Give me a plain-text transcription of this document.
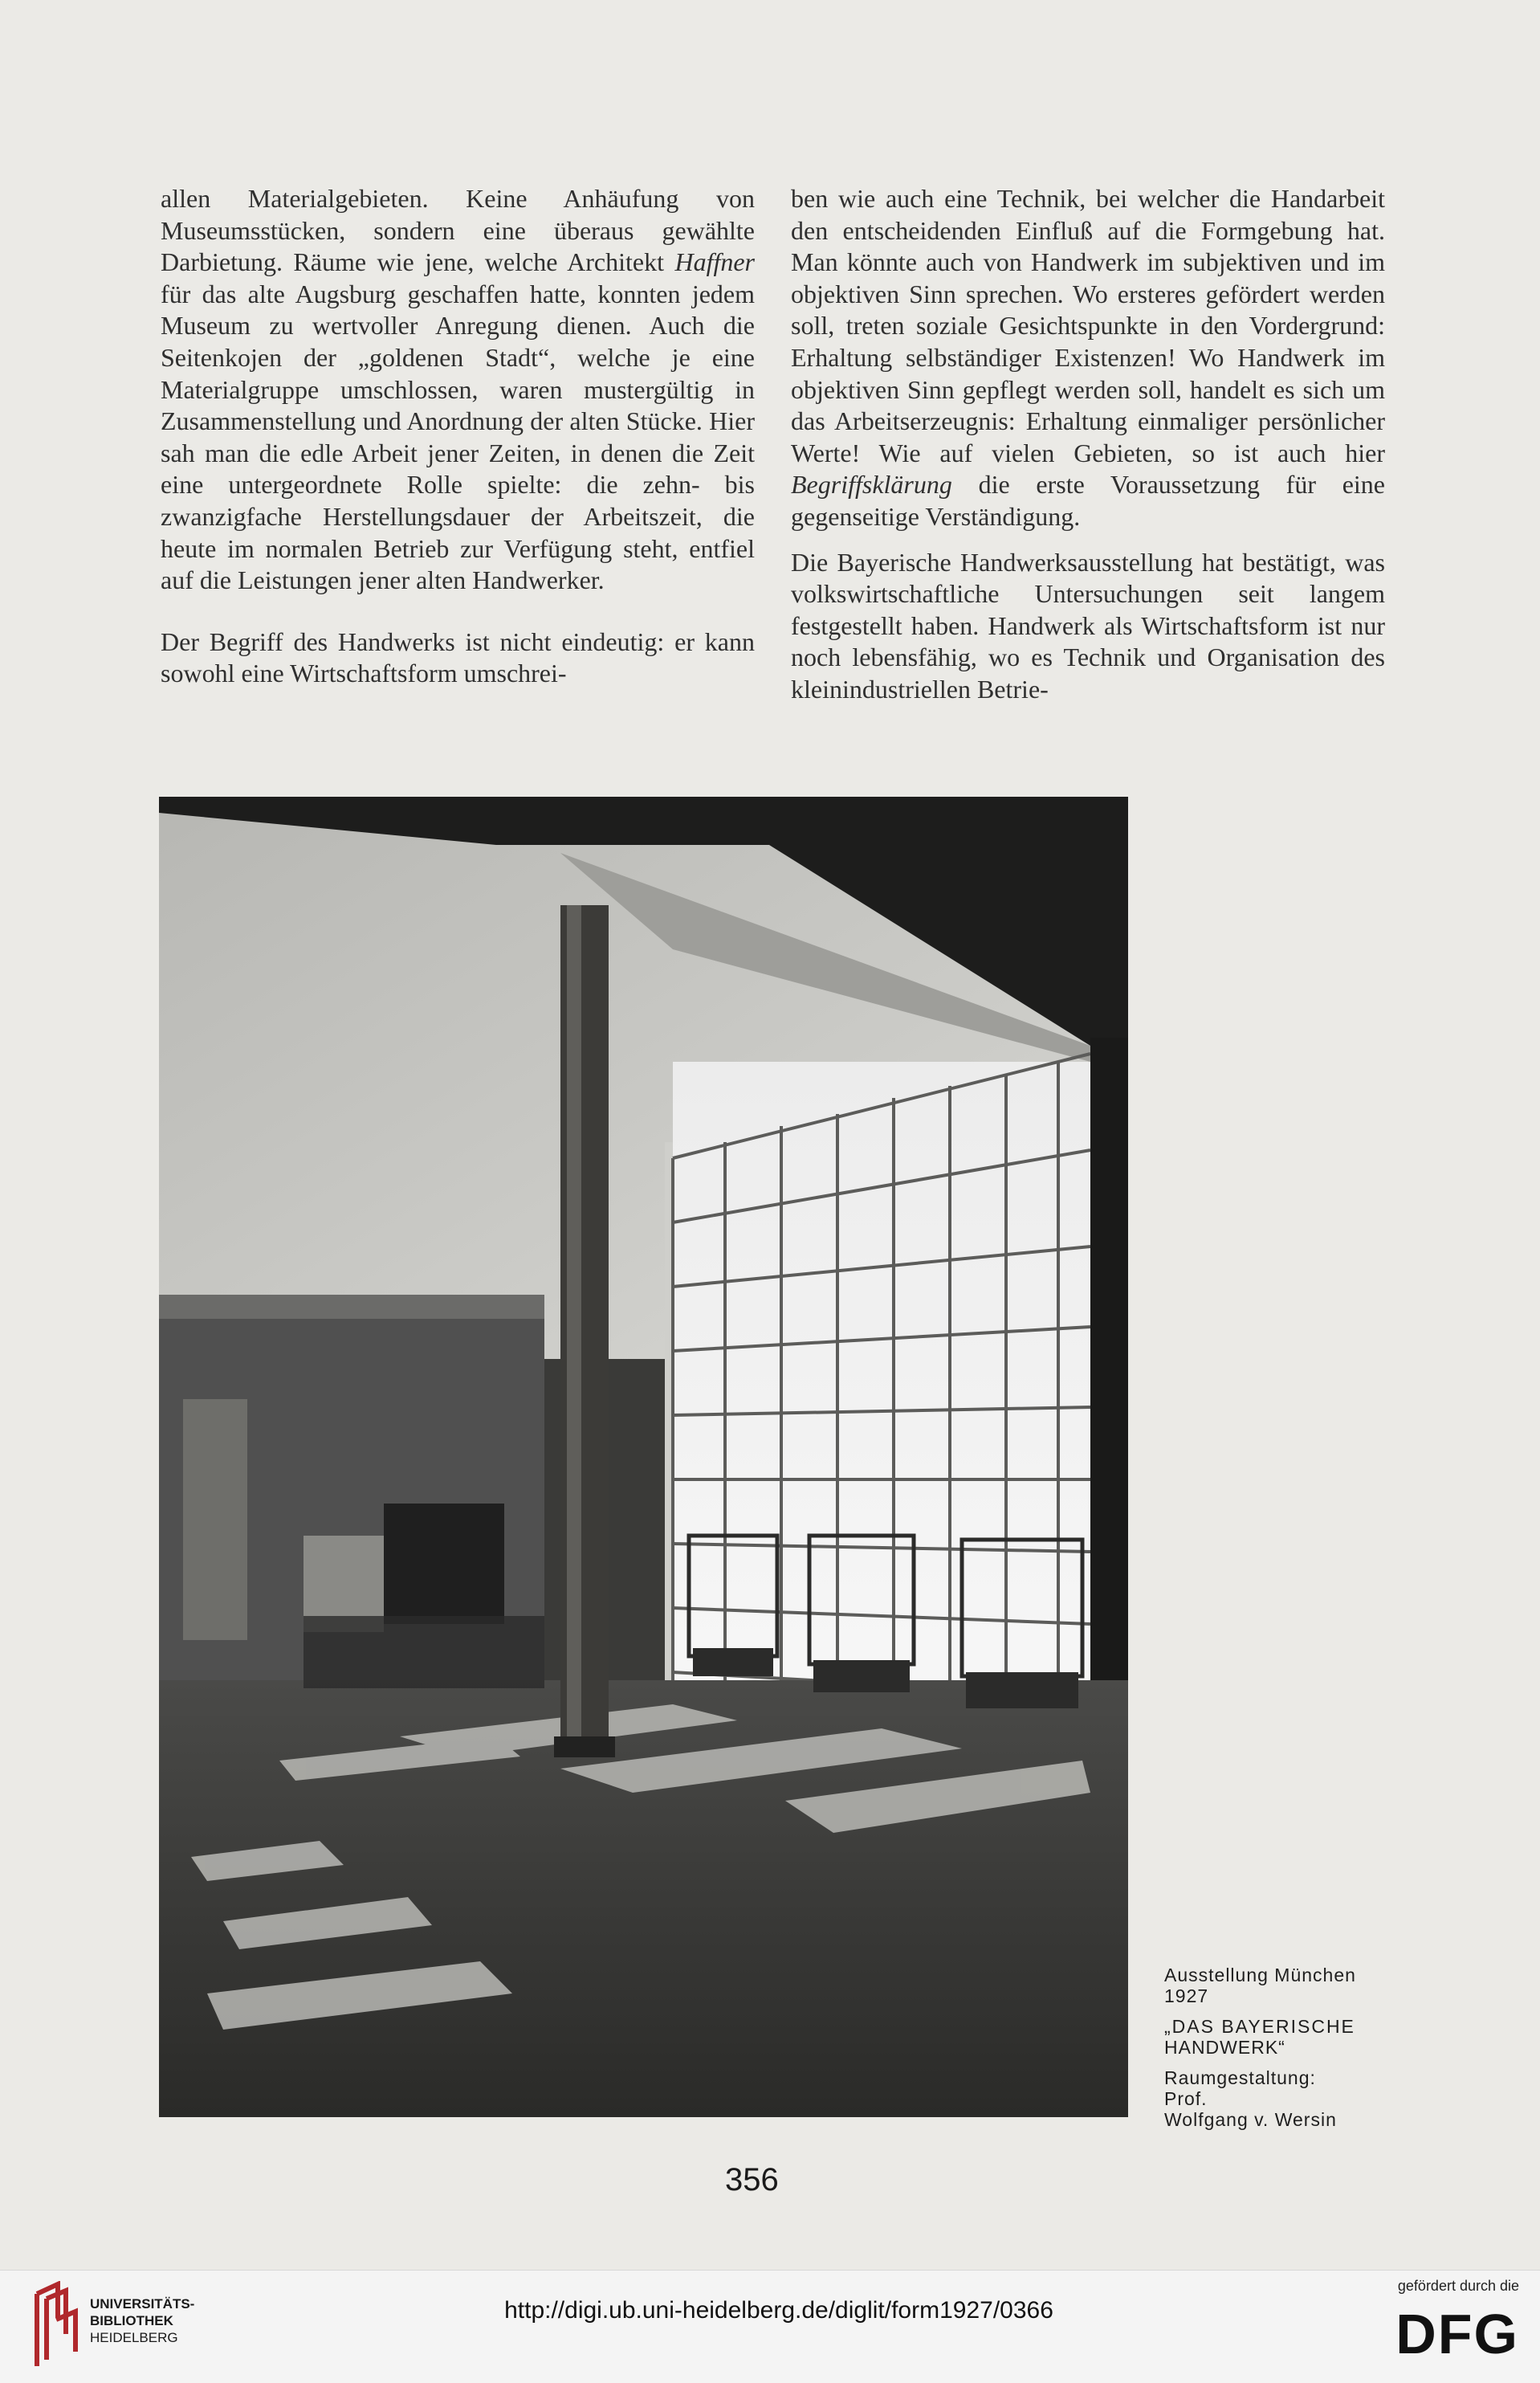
allen Materialgebieten. Keine Anhäufung von Museumsstücken, sondern eine überaus gewählte Darbietung. Räume wie jene, welche Architekt Haffner für das alte Augsburg geschaffen hatte, konnten jedem Museum zu wertvoller Anregung dienen. Auch die Seitenkojen der „goldenen Stadt“, welche je eine Materialgruppe umschlossen, waren mustergültig in Zusammenstellung und Anordnung der alten Stücke. Hier sah man die edle Arbeit jener Zeiten, in denen die Zeit eine untergeordnete Rolle spielte: die zehn- bis zwanzigfache Herstellungsdauer der Arbeitszeit, die heute im normalen Betrieb zur Verfügung steht, entfiel auf die Leistungen jener alten Handwerker.

Der Begriff des Handwerks ist nicht eindeutig: er kann sowohl eine Wirtschaftsform umschrei-

ben wie auch eine Technik, bei welcher die Handarbeit den entscheidenden Einfluß auf die Formgebung hat. Man könnte auch von Handwerk im subjektiven und im objektiven Sinn sprechen. Wo ersteres gefördert werden soll, treten soziale Gesichtspunkte in den Vordergrund: Erhaltung selbständiger Existenzen! Wo Handwerk im objektiven Sinn gepflegt werden soll, handelt es sich um das Arbeitserzeugnis: Erhaltung einmaliger persönlicher Werte! Wie auf vielen Gebieten, so ist auch hier Begriffsklärung die erste Voraussetzung für eine gegenseitige Verständigung.

Die Bayerische Handwerksausstellung hat bestätigt, was volkswirtschaftliche Untersuchungen seit langem festgestellt haben. Handwerk als Wirtschaftsform ist nur noch lebensfähig, wo es Technik und Organisation des kleinindustriellen Betrie-

Ausstellung München
1927
„DAS BAYERISCHE
HANDWERK“
Raumgestaltung:
Prof.
Wolfgang v. Wersin
356
UNIVERSITÄTS-
BIBLIOTHEK
HEIDELBERG
http://digi.ub.uni-heidelberg.de/diglit/form1927/0366
gefördert durch die
DFG
